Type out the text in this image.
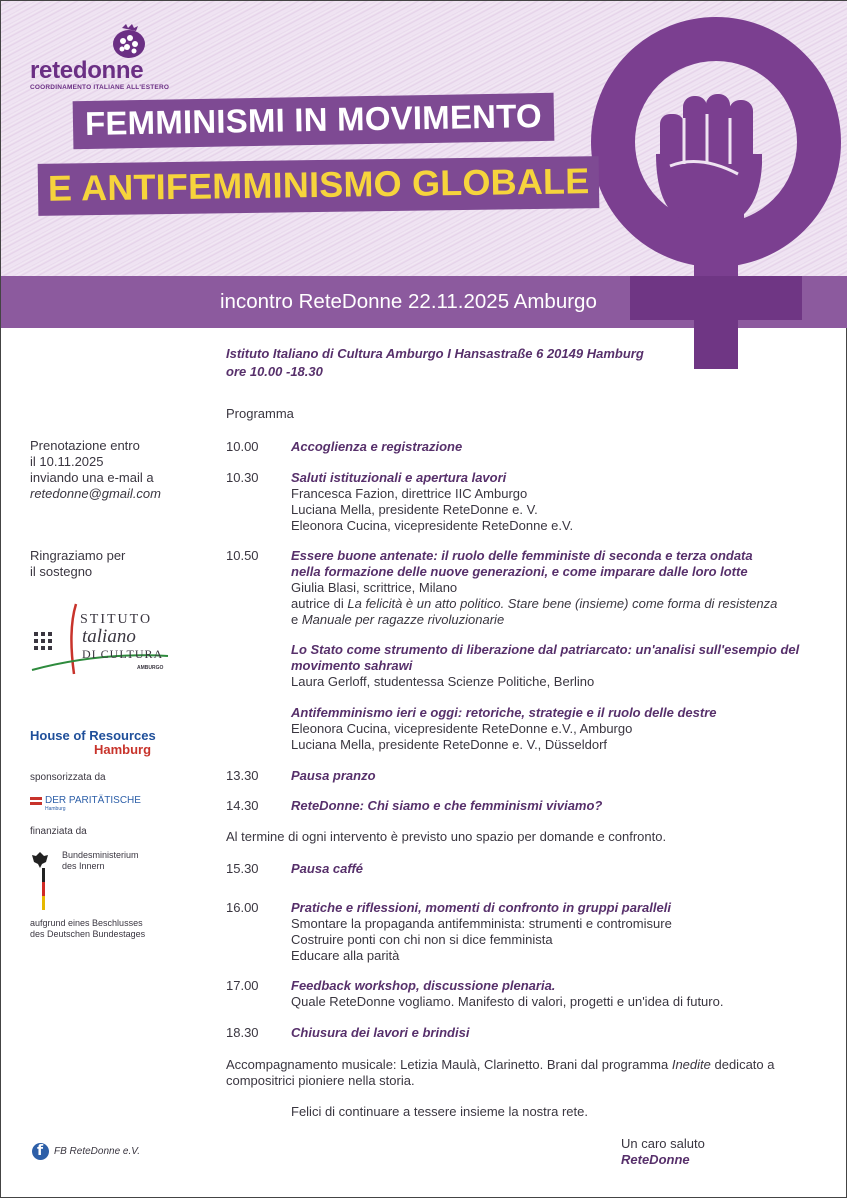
retedonne
COORDINAMENTO ITALIANE ALL'ESTERO
FEMMINISMI IN MOVIMENTO
E ANTIFEMMINISMO GLOBALE
incontro ReteDonne 22.11.2025 Amburgo
Istituto Italiano di Cultura Amburgo I Hansastraße 6 20149 Hamburg
ore 10.00 -18.30
Programma
Prenotazione entro
il 10.11.2025
inviando una e-mail a
retedonne@gmail.com
Ringraziamo per
il sostegno
STITUTO
taliano
DI CULTURA
AMBURGO
House of Resources
Hamburg
sponsorizzata da
DER PARITÄTISCHE
Hamburg
finanziata da
Bundesministerium
des Innern
aufgrund eines Beschlusses
des Deutschen Bundestages
f FB ReteDonne e.V.
10.00 Accoglienza e registrazione
10.30 Saluti istituzionali e apertura lavori
Francesca Fazion, direttrice IIC Amburgo
Luciana Mella, presidente ReteDonne e. V.
Eleonora Cucina, vicepresidente ReteDonne e.V.
10.50 Essere buone antenate: il ruolo delle femministe di seconda e terza ondata
nella formazione delle nuove generazioni, e come imparare dalle loro lotte
Giulia Blasi, scrittrice, Milano
autrice di La felicità è un atto politico. Stare bene (insieme) come forma di resistenza
e Manuale per ragazze rivoluzionarie
Lo Stato come strumento di liberazione dal patriarcato: un'analisi sull'esempio del
movimento sahrawi
Laura Gerloff, studentessa Scienze Politiche, Berlino
Antifemminismo ieri e oggi: retoriche, strategie e il ruolo delle destre
Eleonora Cucina, vicepresidente ReteDonne e.V., Amburgo
Luciana Mella, presidente ReteDonne e. V., Düsseldorf
13.30 Pausa pranzo
14.30 ReteDonne: Chi siamo e che femminismi viviamo?
Al termine di ogni intervento è previsto uno spazio per domande e confronto.
15.30 Pausa caffé
16.00 Pratiche e riflessioni, momenti di confronto in gruppi paralleli
Smontare la propaganda antifemminista: strumenti e contromisure
Costruire ponti con chi non si dice femminista
Educare alla parità
17.00 Feedback workshop, discussione plenaria.
Quale ReteDonne vogliamo. Manifesto di valori, progetti e un'idea di futuro.
18.30 Chiusura dei lavori e brindisi
Accompagnamento musicale: Letizia Maulà, Clarinetto. Brani dal programma Inedite dedicato a
compositrici pioniere nella storia.
Felici di continuare a tessere insieme la nostra rete.
Un caro saluto
ReteDonne
